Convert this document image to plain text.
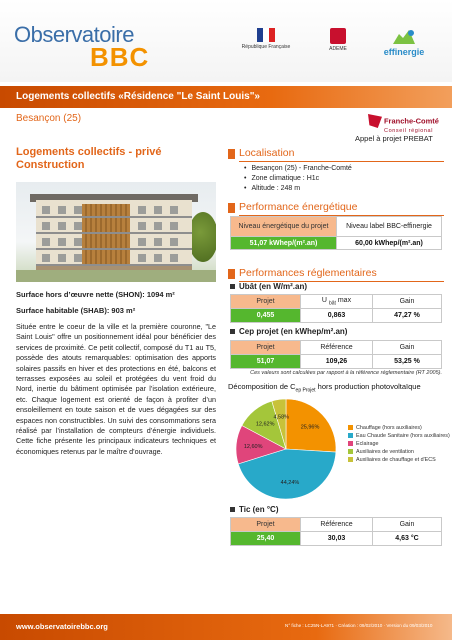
Observatoire
BBC	République Française	ADEME	effinergie
Logements collectifs «Résidence "Le Saint Louis"»
Besançon (25)	Franche-Comté
Conseil régional
Appel à projet PREBAT
Logements collectifs - privé Construction
Surface hors d’œuvre nette (SHON): 1094 m²
Surface habitable (SHAB): 903 m²
Située entre le coeur de la ville et la première couronne, "Le Saint Louis" offre un positionnement idéal pour bénéficier des services de proximité. Ce petit collectif, composé du T1 au T5, possède des atouts remarquables: optimisation des apports solaires passifs en hiver et des protections en été, balcons et terrasses exposées au soleil et protégées du vent froid du Nord, inertie du bâtiment optimisée par l’isolation extérieure, etc. Chaque logement est orienté de façon à profiter d’un ensoleillement en toute saison et de vues dégagées sur des espaces non constructibles. Un suivi des consommations sera réalisé par l’installation de compteurs d’énergie individuels. Cette fiche présente les principaux indicateurs techniques et économiques retenus par le maître d’ouvrage.
Localisation
• Besançon (25) - Franche-Comté
• Zone climatique : H1c
• Altitude : 248 m
Performance énergétique
Niveau énergétique du projet	Niveau label BBC-effinergie
51,07 kWhep/(m².an)	60,00 kWhep/(m².an)
Performances réglementaires
Ubât (en W/m².an)
Projet	U $_{bât}$ max	Gain
0,455	0,863	47,27 %
Cep projet (en kWhep/m².an)
Projet	Référence	Gain
51,07	109,26	53,25 %
Ces valeurs sont calculées par rapport à la référence réglementaire (RT 2005).
Décomposition de $C_{ep Projet}$ hors production photovoltaïque
25,96%
44,24%
12,60%
12,62%
4,58%
Chauffage (hors auxiliaires)
Eau Chaude Sanitaire (hors auxiliaires)
Eclairage
Auxiliaires de ventilation
Auxiliaires de chauffage et d'ECS
Tic (en °C)
Projet	Référence	Gain
25,40	30,03	4,63 °C
www.observatoirebbc.org	N° fiche : LC25N-LA971 · Création : 09/02/2010 · Version du 09/03/2010
